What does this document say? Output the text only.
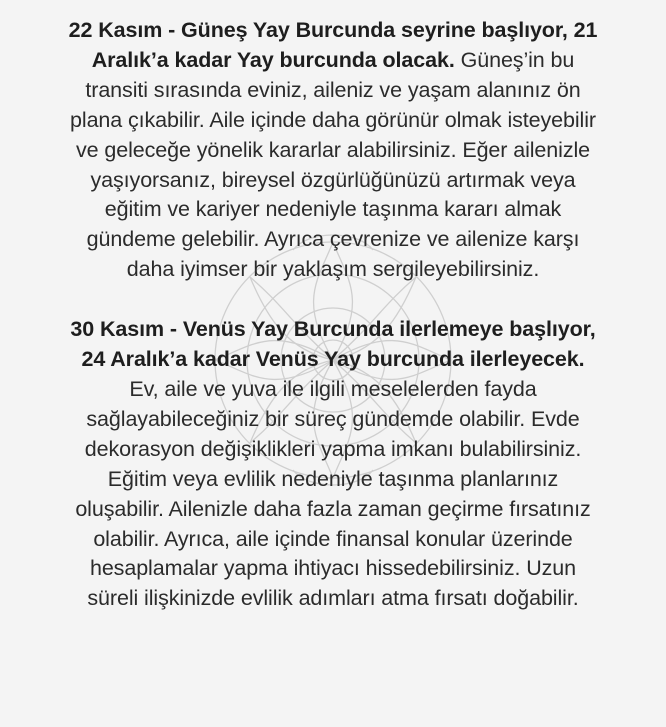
22 Kasım - Güneş Yay Burcunda seyrine başlıyor, 21
Aralık’a kadar Yay burcunda olacak. Güneş’in bu
transiti sırasında eviniz, aileniz ve yaşam alanınız ön
plana çıkabilir. Aile içinde daha görünür olmak isteyebilir
ve geleceğe yönelik kararlar alabilirsiniz. Eğer ailenizle
yaşıyorsanız, bireysel özgürlüğünüzü artırmak veya
eğitim ve kariyer nedeniyle taşınma kararı almak
gündeme gelebilir. Ayrıca çevrenize ve ailenize karşı
daha iyimser bir yaklaşım sergileyebilirsiniz.

30 Kasım - Venüs Yay Burcunda ilerlemeye başlıyor,
24 Aralık’a kadar Venüs Yay burcunda ilerleyecek.
Ev, aile ve yuva ile ilgili meselelerden fayda
sağlayabileceğiniz bir süreç gündemde olabilir. Evde
dekorasyon değişiklikleri yapma imkanı bulabilirsiniz.
Eğitim veya evlilik nedeniyle taşınma planlarınız
oluşabilir. Ailenizle daha fazla zaman geçirme fırsatınız
olabilir. Ayrıca, aile içinde finansal konular üzerinde
hesaplamalar yapma ihtiyacı hissedebilirsiniz. Uzun
süreli ilişkinizde evlilik adımları atma fırsatı doğabilir.
